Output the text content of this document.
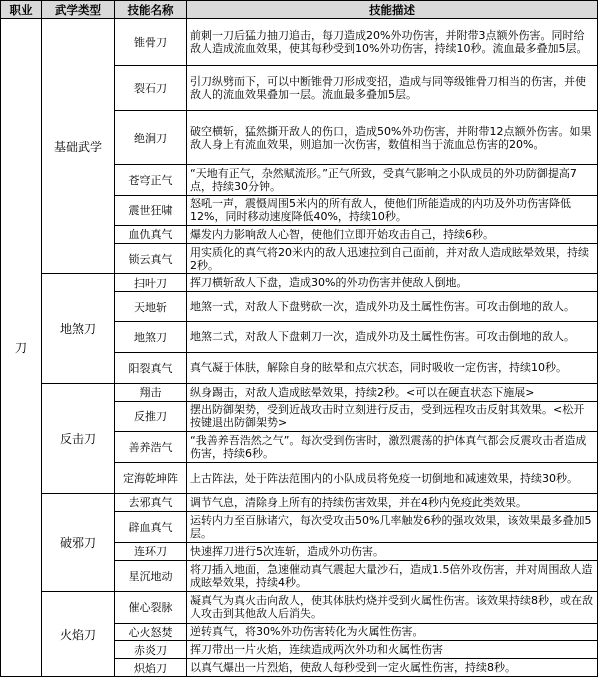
职业	武学类型	技能名称	技能描述
刀	基础武学	锥骨刀	前刺一刀后猛力抽刀追击，每刀造成20%外功伤害，并附带3点额外伤害。同时给敌人造成流血效果，使其每秒受到10%外功伤害，持续10秒。流血最多叠加5层。
		裂石刀	引刀纵劈而下，可以中断锥骨刀形成变招，造成与同等级锥骨刀相当的伤害，并使敌人的流血效果叠加一层。流血最多叠加5层。
		绝涧刀	破空横斩，猛然撕开敌人的伤口，造成50%外功伤害，并附带12点额外伤害。如果敌人身上有流血效果，则追加一次伤害，数值相当于流血总伤害的20%。
		苍穹正气	“天地有正气，杂然赋流形。”正气所致，受真气影响之小队成员的外功防御提高7点，持续30分钟。
		震世狂啸	怒吼一声，震慑周围5米内的所有敌人，使他们所能造成的内功及外功伤害降低12%，同时移动速度降低40%，持续10秒。
		血仇真气	爆发内力影响敌人心智，使他们立即开始攻击自己，持续6秒。
		锁云真气	用实质化的真气将20米内的敌人迅速拉到自己面前，并对敌人造成眩晕效果，持续2秒。
	地煞刀	扫叶刀	挥刀横斩敌人下盘，造成30%的外功伤害并使敌人倒地。
		天地斩	地煞一式，对敌人下盘劈砍一次，造成外功及土属性伤害。可攻击倒地的敌人。
		地煞刀	地煞二式，对敌人下盘刺刀一次，造成外功及土属性伤害。可攻击倒地的敌人。
		阳裂真气	真气凝于体肤，解除自身的眩晕和点穴状态，同时吸收一定伤害，持续10秒。
	反击刀	翔击	纵身踢击，对敌人造成眩晕效果，持续2秒。<可以在硬直状态下施展>
		反推刀	摆出防御架势，受到近战攻击时立刻进行反击，受到远程攻击反射其效果。<松开按键退出防御架势>
		善养浩气	“我善养吾浩然之气”。每次受到伤害时，激烈震荡的护体真气都会反震攻击者造成伤害，持续6秒。
		定海乾坤阵	上古阵法，处于阵法范围内的小队成员将免疫一切倒地和减速效果，持续30秒。
	破邪刀	去邪真气	调节气息，清除身上所有的持续伤害效果，并在4秒内免疫此类效果。
		辟血真气	运转内力至百脉诸穴，每次受攻击50%几率触发6秒的强攻效果，该效果最多叠加5层。
		连环刀	快速挥刀进行5次连斩，造成外功伤害。
		星沉地动	将刀插入地面，急速催动真气震起大量沙石，造成1.5倍外攻伤害，并对周围敌人造成眩晕效果，持续4秒。
	火焰刀	催心裂脉	凝真气为真火击向敌人，使其体肤灼烧并受到火属性伤害。该效果持续8秒，或在敌人攻击到其他敌人后消失。
		心火怒焚	逆转真气，将30%外功伤害转化为火属性伤害。
		赤炎刀	挥刀带出一片火焰，连续造成两次外功和火属性伤害
		炽焰刀	以真气爆出一片烈焰，使敌人每秒受到一定火属性伤害，持续8秒。
